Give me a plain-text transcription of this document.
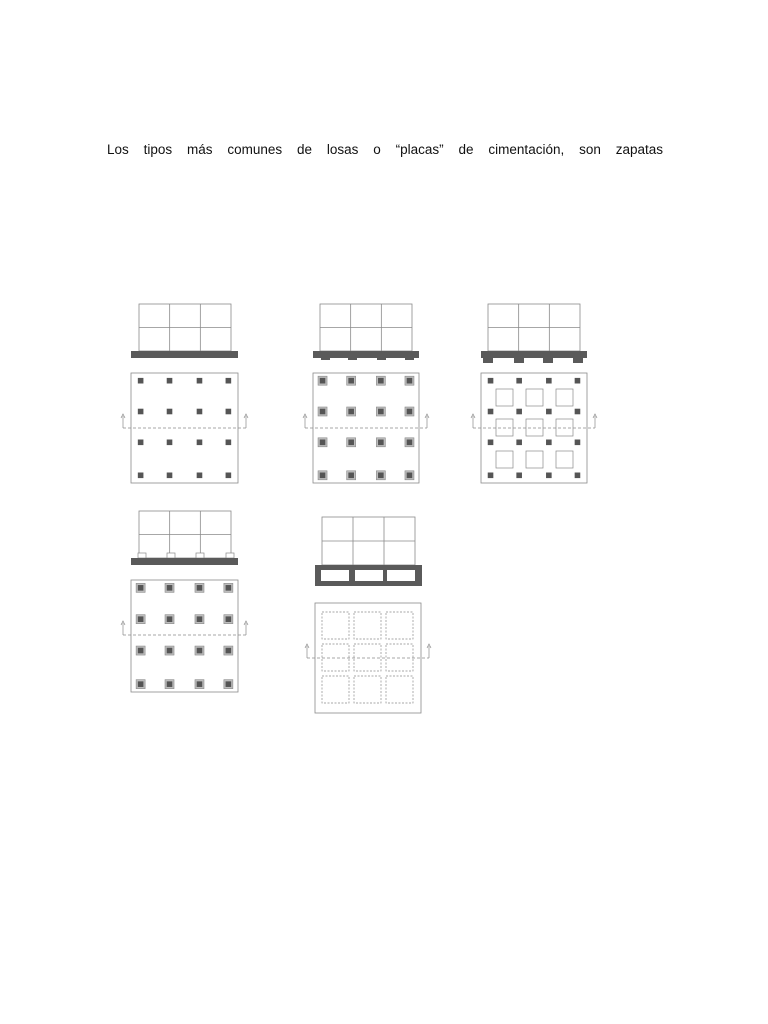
Los tipos más comunes de losas o “placas” de cimentación, son zapatas
